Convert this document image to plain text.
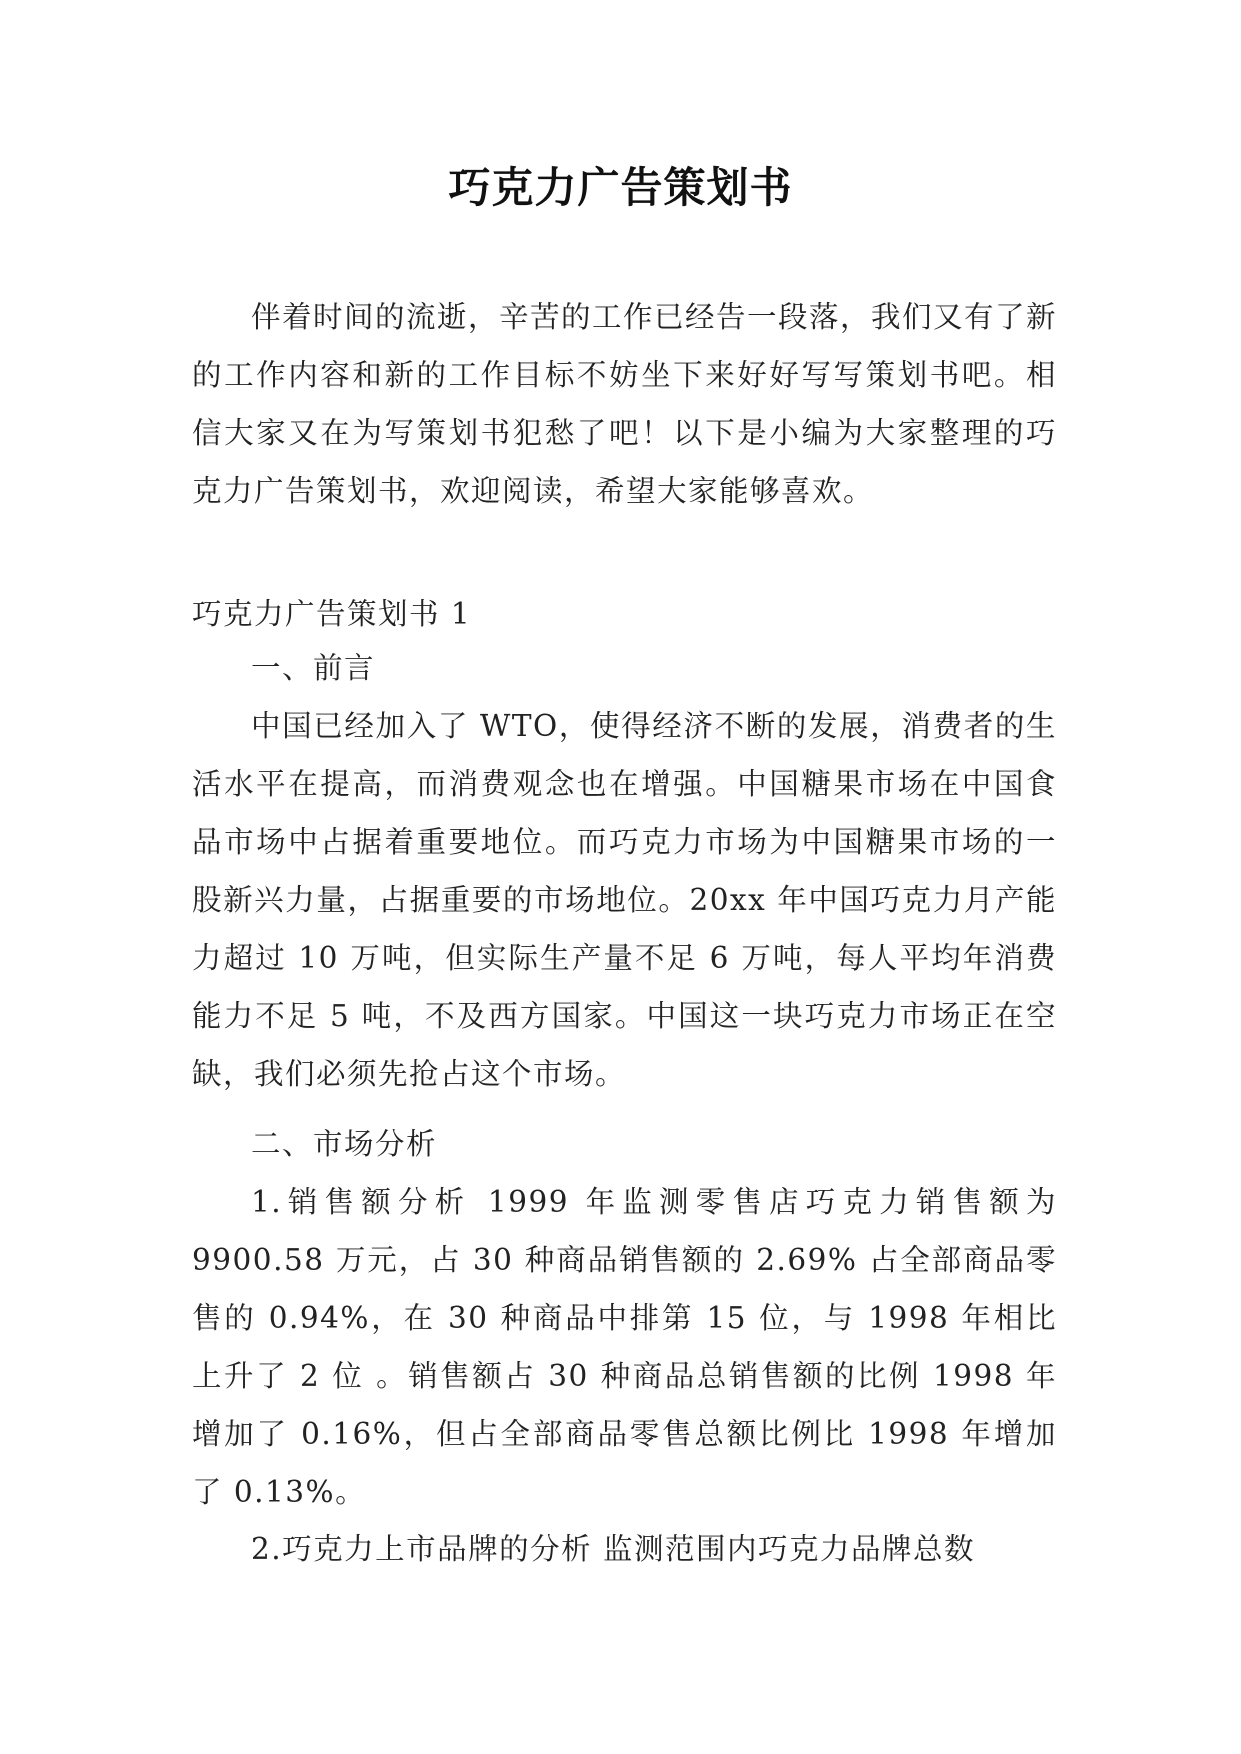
巧克力广告策划书

伴着时间的流逝，辛苦的工作已经告一段落，我们又有了新的工作内容和新的工作目标不妨坐下来好好写写策划书吧。相信大家又在为写策划书犯愁了吧！以下是小编为大家整理的巧克力广告策划书，欢迎阅读，希望大家能够喜欢。

巧克力广告策划书 1

一、前言

中国已经加入了 WTO，使得经济不断的发展，消费者的生活水平在提高，而消费观念也在增强。中国糖果市场在中国食品市场中占据着重要地位。而巧克力市场为中国糖果市场的一股新兴力量，占据重要的市场地位。20xx 年中国巧克力月产能力超过 10 万吨，但实际生产量不足 6 万吨，每人平均年消费能力不足 5 吨，不及西方国家。中国这一块巧克力市场正在空缺，我们必须先抢占这个市场。

二、市场分析

1.销售额分析 1999 年监测零售店巧克力销售额为 9900.58 万元，占 30 种商品销售额的 2.69% 占全部商品零售的 0.94%，在 30 种商品中排第 15 位，与 1998 年相比上升了 2 位 。销售额占 30 种商品总销售额的比例 1998 年增加了 0.16%，但占全部商品零售总额比例比 1998 年增加了 0.13%。

2.巧克力上市品牌的分析 监测范围内巧克力品牌总数
